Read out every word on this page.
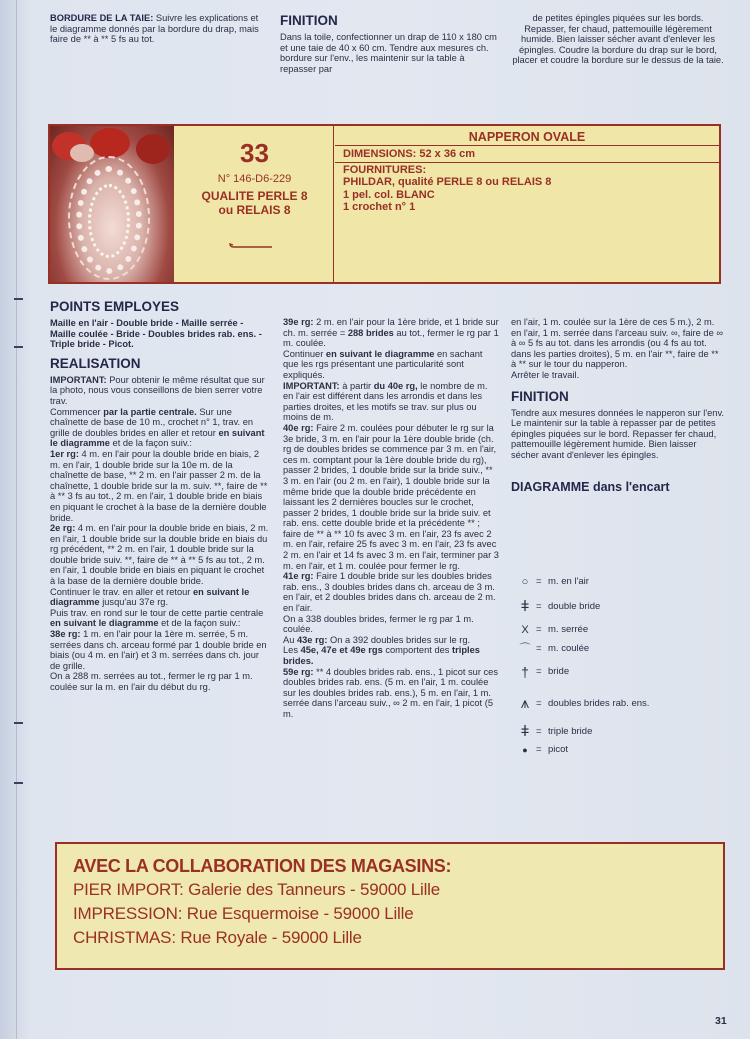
BORDURE DE LA TAIE: Suivre les explications et le diagramme donnés par la bordure du drap, mais faire de ** à ** 5 fs au tot.

FINITION

Dans la toile, confectionner un drap de 110 x 180 cm et une taie de 40 x 60 cm. Tendre aux mesures ch. bordure sur l'env., les maintenir sur la table à repasser par

de petites épingles piquées sur les bords. Repasser, fer chaud, pattemouille légèrement humide. Bien laisser sécher avant d'enlever les épingles. Coudre la bordure du drap sur le bord, placer et coudre la bordure sur le dessus de la taie.

33
N° 146-D6-229
QUALITE PERLE 8
ou RELAIS 8
NAPPERON OVALE
DIMENSIONS: 52 x 36 cm
FOURNITURES:
PHILDAR, qualité PERLE 8 ou RELAIS 8
1 pel. col. BLANC
1 crochet n° 1
POINTS EMPLOYES

Maille en l'air - Double bride - Maille serrée - Maille coulée - Bride - Doubles brides rab. ens. - Triple bride - Picot.

REALISATION

IMPORTANT: Pour obtenir le même résultat que sur la photo, nous vous conseillons de bien serrer votre trav.

Commencer par la partie centrale. Sur une chaînette de base de 10 m., crochet n° 1, trav. en grille de doubles brides en aller et retour en suivant le diagramme et de la façon suiv.:

1er rg: 4 m. en l'air pour la double bride en biais, 2 m. en l'air, 1 double bride sur la 10e m. de la chaînette de base, ** 2 m. en l'air passer 2 m. de la chaînette, 1 double bride sur la m. suiv. **, faire de ** à ** 3 fs au tot., 2 m. en l'air, 1 double bride en biais en piquant le crochet à la base de la dernière double bride.

2e rg: 4 m. en l'air pour la double bride en biais, 2 m. en l'air, 1 double bride sur la double bride en biais du rg précédent, ** 2 m. en l'air, 1 double bride sur la double bride suiv. **, faire de ** à ** 5 fs au tot., 2 m. en l'air, 1 double bride en biais en piquant le crochet à la base de la dernière double bride.

Continuer le trav. en aller et retour en suivant le diagramme jusqu'au 37e rg.

Puis trav. en rond sur le tour de cette partie centrale en suivant le diagramme et de la façon suiv.:

38e rg: 1 m. en l'air pour la 1ère m. serrée, 5 m. serrées dans ch. arceau formé par 1 double bride en biais (ou 4 m. en l'air) et 3 m. serrées dans ch. jour de grille.

On a 288 m. serrées au tot., fermer le rg par 1 m. coulée sur la m. en l'air du début du rg.

39e rg: 2 m. en l'air pour la 1ère bride, et 1 bride sur ch. m. serrée = 288 brides au tot., fermer le rg par 1 m. coulée.

Continuer en suivant le diagramme en sachant que les rgs présentant une particularité sont expliqués.

IMPORTANT: à partir du 40e rg, le nombre de m. en l'air est différent dans les arrondis et dans les parties droites, et les motifs se trav. sur plus ou moins de m.

40e rg: Faire 2 m. coulées pour débuter le rg sur la 3e bride, 3 m. en l'air pour la 1ère double bride (ch. rg de doubles brides se commence par 3 m. en l'air, ces m. comptant pour la 1ère double bride du rg), passer 2 brides, 1 double bride sur la bride suiv., ** 3 m. en l'air (ou 2 m. en l'air), 1 double bride sur la même bride que la double bride précédente en laissant les 2 dernières boucles sur le crochet, passer 2 brides, 1 double bride sur la bride suiv. et rab. ens. cette double bride et la précédente ** ; faire de ** à ** 10 fs avec 3 m. en l'air, 23 fs avec 2 m. en l'air, refaire 25 fs avec 3 m. en l'air, 23 fs avec 2 m. en l'air et 14 fs avec 3 m. en l'air, terminer par 3 m. en l'air, et 1 m. coulée pour fermer le rg.

41e rg: Faire 1 double bride sur les doubles brides rab. ens., 3 doubles brides dans ch. arceau de 3 m. en l'air, et 2 doubles brides dans ch. arceau de 2 m. en l'air.

On a 338 doubles brides, fermer le rg par 1 m. coulée.

Au 43e rg: On a 392 doubles brides sur le rg.

Les 45e, 47e et 49e rgs comportent des triples brides.

59e rg: ** 4 doubles brides rab. ens., 1 picot sur ces doubles brides rab. ens. (5 m. en l'air, 1 m. coulée sur les doubles brides rab. ens.), 5 m. en l'air, 1 m. serrée dans l'arceau suiv., ∞ 2 m. en l'air, 1 picot (5 m.

en l'air, 1 m. coulée sur la 1ère de ces 5 m.), 2 m. en l'air, 1 m. serrée dans l'arceau suiv. ∞, faire de ∞ à ∞ 5 fs au tot. dans les arrondis (ou 4 fs au tot. dans les parties droites), 5 m. en l'air **, faire de ** à ** sur le tour du napperon.

Arrêter le travail.

FINITION

Tendre aux mesures données le napperon sur l'env. Le maintenir sur la table à repasser par de petites épingles piquées sur le bord. Repasser fer chaud, pattemouille légèrement humide. Bien laisser sécher avant d'enlever les épingles.

DIAGRAMME dans l'encart
○ = m. en l'air
ǂ = double bride
X = m. serrée
⌒ = m. coulée
† = bride
⩚ = doubles brides rab. ens.
ǂ = triple bride
● = picot
AVEC LA COLLABORATION DES MAGASINS:
PIER IMPORT: Galerie des Tanneurs - 59000 Lille
IMPRESSION: Rue Esquermoise - 59000 Lille
CHRISTMAS: Rue Royale - 59000 Lille
31
